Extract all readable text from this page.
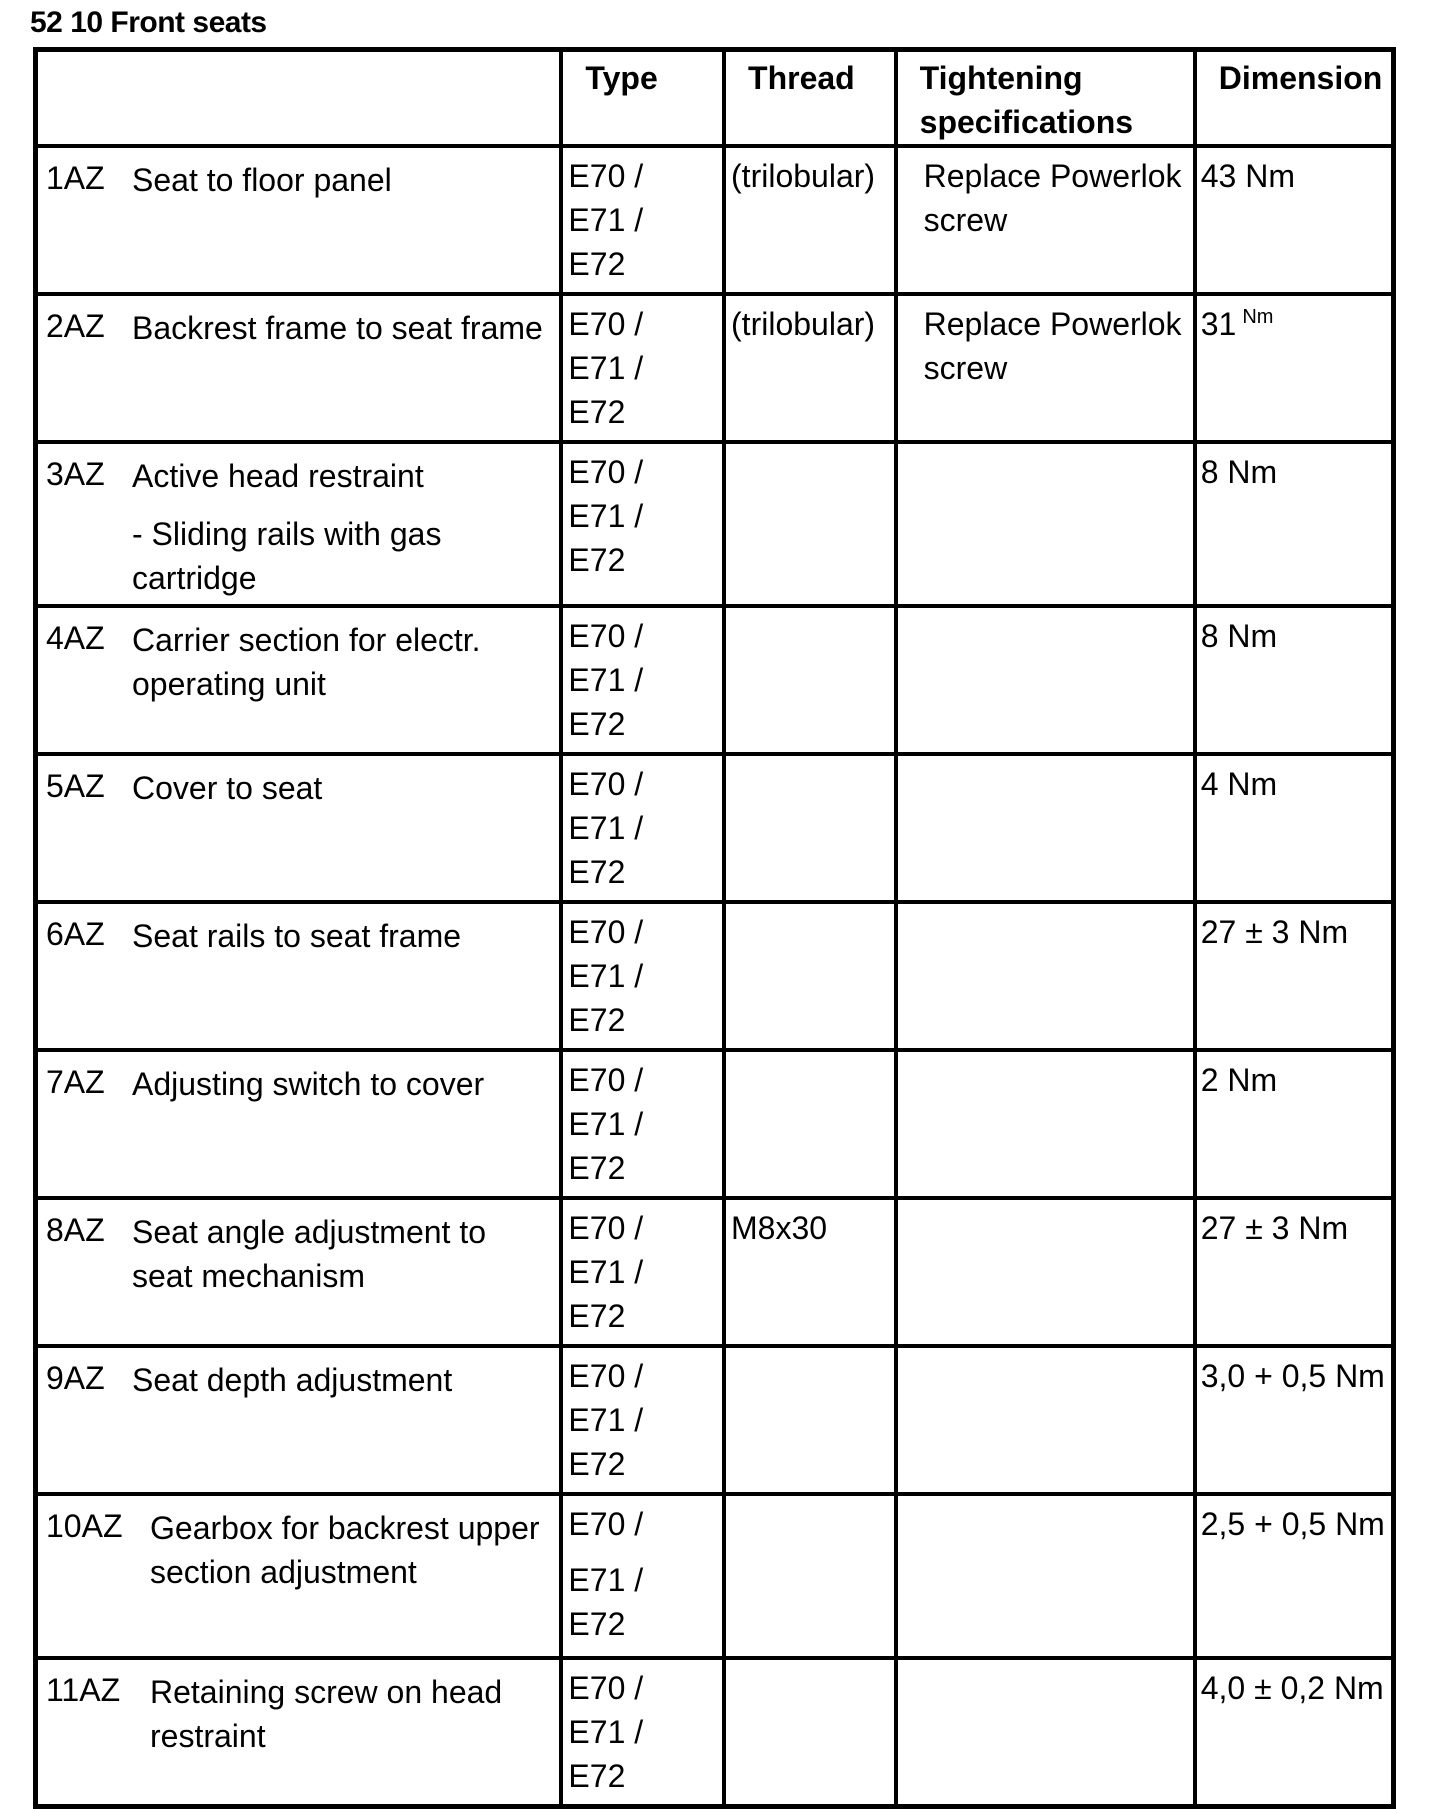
52 10 Front seats

	Type	Thread	Tightening specifications	Dimension

1AZ Seat to floor panel	E70 /
E71 /
E72	(trilobular)	Replace Powerlok screw	43 Nm

2AZ Backrest frame to seat frame	E70 /
E71 /
E72	(trilobular)	Replace Powerlok screw	31 $^{Nm}$

3AZ Active head restraint
- Sliding rails with gas cartridge	E70 /
E71 /
E72			8 Nm

4AZ Carrier section for electr. operating unit	E70 /
E71 /
E72			8 Nm

5AZ Cover to seat	E70 /
E71 /
E72			4 Nm

6AZ Seat rails to seat frame	E70 /
E71 /
E72			27 ± 3 Nm

7AZ Adjusting switch to cover	E70 /
E71 /
E72			2 Nm

8AZ Seat angle adjustment to seat mechanism	E70 /
E71 /
E72	M8x30		27 ± 3 Nm

9AZ Seat depth adjustment	E70 /
E71 /
E72			3,0 + 0,5 Nm

10AZ Gearbox for backrest upper section adjustment	E70 /
E71 /
E72			2,5 + 0,5 Nm

11AZ Retaining screw on head restraint	E70 /
E71 /
E72			4,0 ± 0,2 Nm
